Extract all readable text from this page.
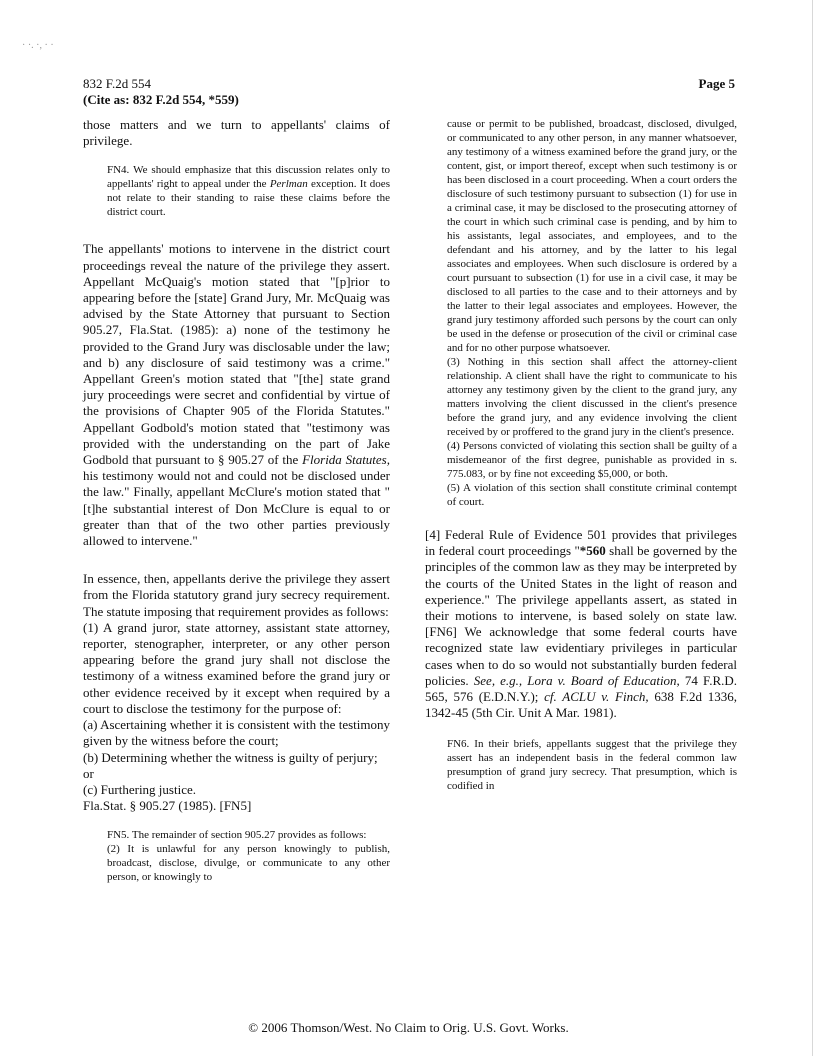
· ·. ·, · ·
832 F.2d 554
(Cite as: 832 F.2d 554, *559)
Page 5

those matters and we turn to appellants' claims of privilege.

FN4. We should emphasize that this discussion relates only to appellants' right to appeal under the Perlman exception. It does not relate to their standing to raise these claims before the district court.

The appellants' motions to intervene in the district court proceedings reveal the nature of the privilege they assert. Appellant McQuaig's motion stated that "[p]rior to appearing before the [state] Grand Jury, Mr. McQuaig was advised by the State Attorney that pursuant to Section 905.27, Fla.Stat. (1985): a) none of the testimony he provided to the Grand Jury was disclosable under the law; and b) any disclosure of said testimony was a crime." Appellant Green's motion stated that "[the] state grand jury proceedings were secret and confidential by virtue of the provisions of Chapter 905 of the Florida Statutes." Appellant Godbold's motion stated that "testimony was provided with the understanding on the part of Jake Godbold that pursuant to § 905.27 of the Florida Statutes, his testimony would not and could not be disclosed under the law." Finally, appellant McClure's motion stated that "[t]he substantial interest of Don McClure is equal to or greater than that of the two other parties previously allowed to intervene."

In essence, then, appellants derive the privilege they assert from the Florida statutory grand jury secrecy requirement. The statute imposing that requirement provides as follows:

(1) A grand juror, state attorney, assistant state attorney, reporter, stenographer, interpreter, or any other person appearing before the grand jury shall not disclose the testimony of a witness examined before the grand jury or other evidence received by it except when required by a court to disclose the testimony for the purpose of:

(a) Ascertaining whether it is consistent with the testimony given by the witness before the court;

(b) Determining whether the witness is guilty of perjury; or

(c) Furthering justice.

Fla.Stat. § 905.27 (1985). [FN5]

FN5. The remainder of section 905.27 provides as follows:

(2) It is unlawful for any person knowingly to publish, broadcast, disclose, divulge, or communicate to any other person, or knowingly to

cause or permit to be published, broadcast, disclosed, divulged, or communicated to any other person, in any manner whatsoever, any testimony of a witness examined before the grand jury, or the content, gist, or import thereof, except when such testimony is or has been disclosed in a court proceeding. When a court orders the disclosure of such testimony pursuant to subsection (1) for use in a criminal case, it may be disclosed to the prosecuting attorney of the court in which such criminal case is pending, and by him to his assistants, legal associates, and employees, and to the defendant and his attorney, and by the latter to his legal associates and employees. When such disclosure is ordered by a court pursuant to subsection (1) for use in a civil case, it may be disclosed to all parties to the case and to their attorneys and by the latter to their legal associates and employees. However, the grand jury testimony afforded such persons by the court can only be used in the defense or prosecution of the civil or criminal case and for no other purpose whatsoever.

(3) Nothing in this section shall affect the attorney-client relationship. A client shall have the right to communicate to his attorney any testimony given by the client to the grand jury, any matters involving the client discussed in the client's presence before the grand jury, and any evidence involving the client received by or proffered to the grand jury in the client's presence.

(4) Persons convicted of violating this section shall be guilty of a misdemeanor of the first degree, punishable as provided in s. 775.083, or by fine not exceeding $5,000, or both.

(5) A violation of this section shall constitute criminal contempt of court.

[4] Federal Rule of Evidence 501 provides that privileges in federal court proceedings "*560 shall be governed by the principles of the common law as they may be interpreted by the courts of the United States in the light of reason and experience." The privilege appellants assert, as stated in their motions to intervene, is based solely on state law. [FN6] We acknowledge that some federal courts have recognized state law evidentiary privileges in particular cases when to do so would not substantially burden federal policies. See, e.g., Lora v. Board of Education, 74 F.R.D. 565, 576 (E.D.N.Y.); cf. ACLU v. Finch, 638 F.2d 1336, 1342-45 (5th Cir. Unit A Mar. 1981).

FN6. In their briefs, appellants suggest that the privilege they assert has an independent basis in the federal common law presumption of grand jury secrecy. That presumption, which is codified in

© 2006 Thomson/West. No Claim to Orig. U.S. Govt. Works.
